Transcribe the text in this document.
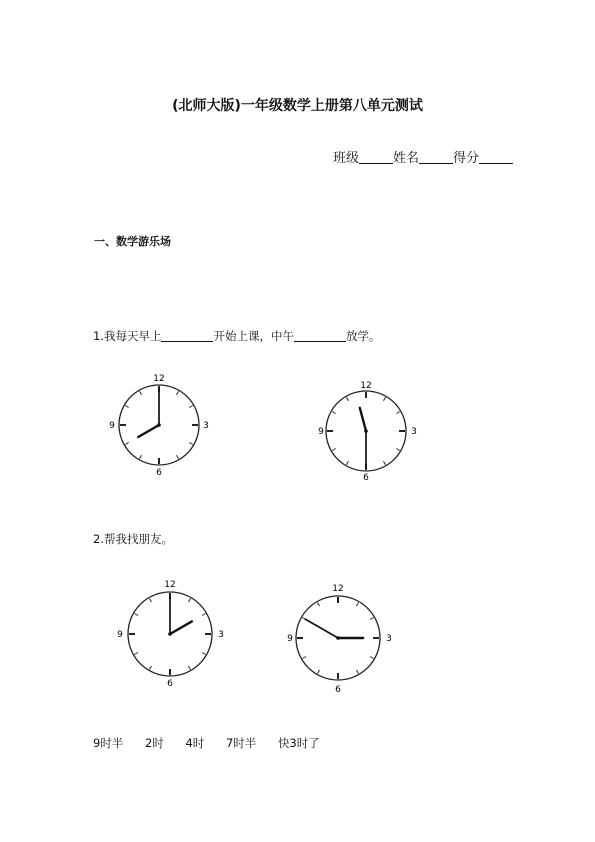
(北师大版)一年级数学上册第八单元测试
班级	姓名	得分
一、数学游乐场
1.我每天早上	开始上课，中午	放学。
12
3
6
9
12
3
6
9
2.帮我找朋友。
12
3
6
9
12
3
6
9
9时半 2时 4时 7时半 快3时了
